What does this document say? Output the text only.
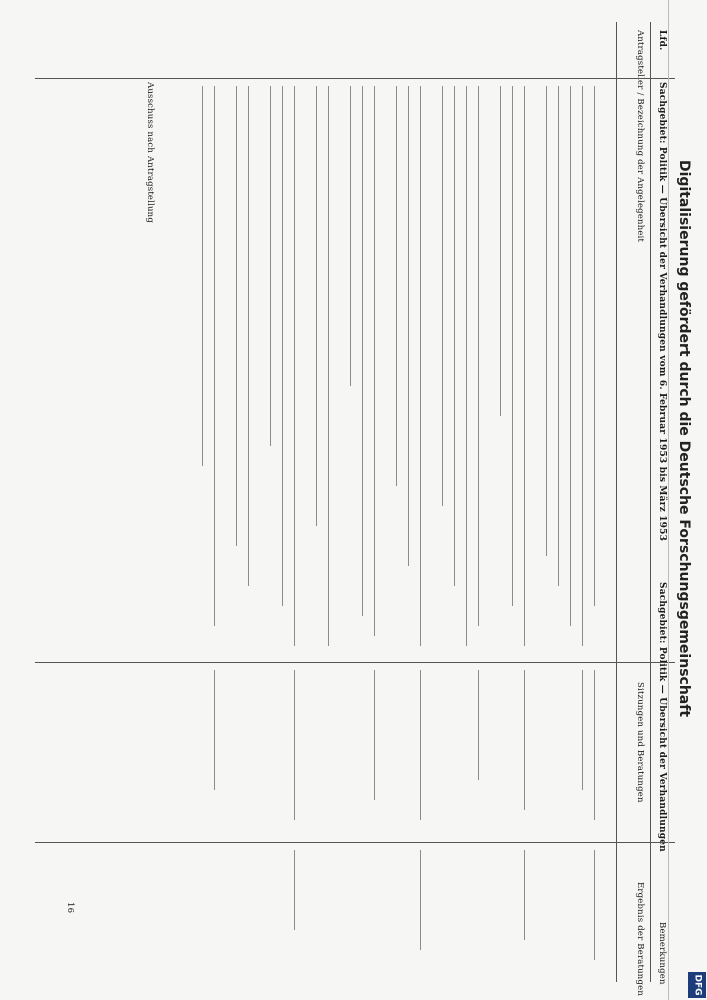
Lfd.
Sachgebiet: Politik — Übersicht der Verhandlungen vom 6. Februar 1953 bis März 1953
Sachgebiet: Politik — Übersicht der Verhandlungen
Bemerkungen
Antragsteller / Bezeichnung der Angelegenheit
Sitzungen und Beratungen
Ergebnis der Beratungen
Ausschuss nach Antragstellung
16
Digitalisierung gefördert durch die Deutsche Forschungsgemeinschaft
DFG
